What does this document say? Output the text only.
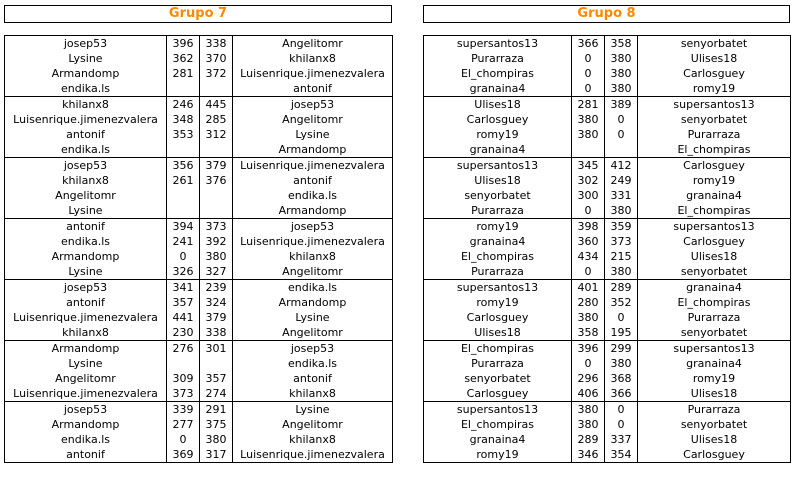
Grupo 7
josep53	396	338	Angelitomr
Lysine	362	370	khilanx8
Armandomp	281	372	Luisenrique.jimenezvalera
endika.ls			antonif
khilanx8	246	445	josep53
Luisenrique.jimenezvalera	348	285	Angelitomr
antonif	353	312	Lysine
endika.ls			Armandomp
josep53	356	379	Luisenrique.jimenezvalera
khilanx8	261	376	antonif
Angelitomr			endika.ls
Lysine			Armandomp
antonif	394	373	josep53
endika.ls	241	392	Luisenrique.jimenezvalera
Armandomp	0	380	khilanx8
Lysine	326	327	Angelitomr
josep53	341	239	endika.ls
antonif	357	324	Armandomp
Luisenrique.jimenezvalera	441	379	Lysine
khilanx8	230	338	Angelitomr
Armandomp	276	301	josep53
Lysine			endika.ls
Angelitomr	309	357	antonif
Luisenrique.jimenezvalera	373	274	khilanx8
josep53	339	291	Lysine
Armandomp	277	375	Angelitomr
endika.ls	0	380	khilanx8
antonif	369	317	Luisenrique.jimenezvalera
Grupo 8
supersantos13	366	358	senyorbatet
Purarraza	0	380	Ulises18
El_chompiras	0	380	Carlosguey
granaina4	0	380	romy19
Ulises18	281	389	supersantos13
Carlosguey	380	0	senyorbatet
romy19	380	0	Purarraza
granaina4			El_chompiras
supersantos13	345	412	Carlosguey
Ulises18	302	249	romy19
senyorbatet	300	331	granaina4
Purarraza	0	380	El_chompiras
romy19	398	359	supersantos13
granaina4	360	373	Carlosguey
El_chompiras	434	215	Ulises18
Purarraza	0	380	senyorbatet
supersantos13	401	289	granaina4
romy19	280	352	El_chompiras
Carlosguey	380	0	Purarraza
Ulises18	358	195	senyorbatet
El_chompiras	396	299	supersantos13
Purarraza	0	380	granaina4
senyorbatet	296	368	romy19
Carlosguey	406	366	Ulises18
supersantos13	380	0	Purarraza
El_chompiras	380	0	senyorbatet
granaina4	289	337	Ulises18
romy19	346	354	Carlosguey
